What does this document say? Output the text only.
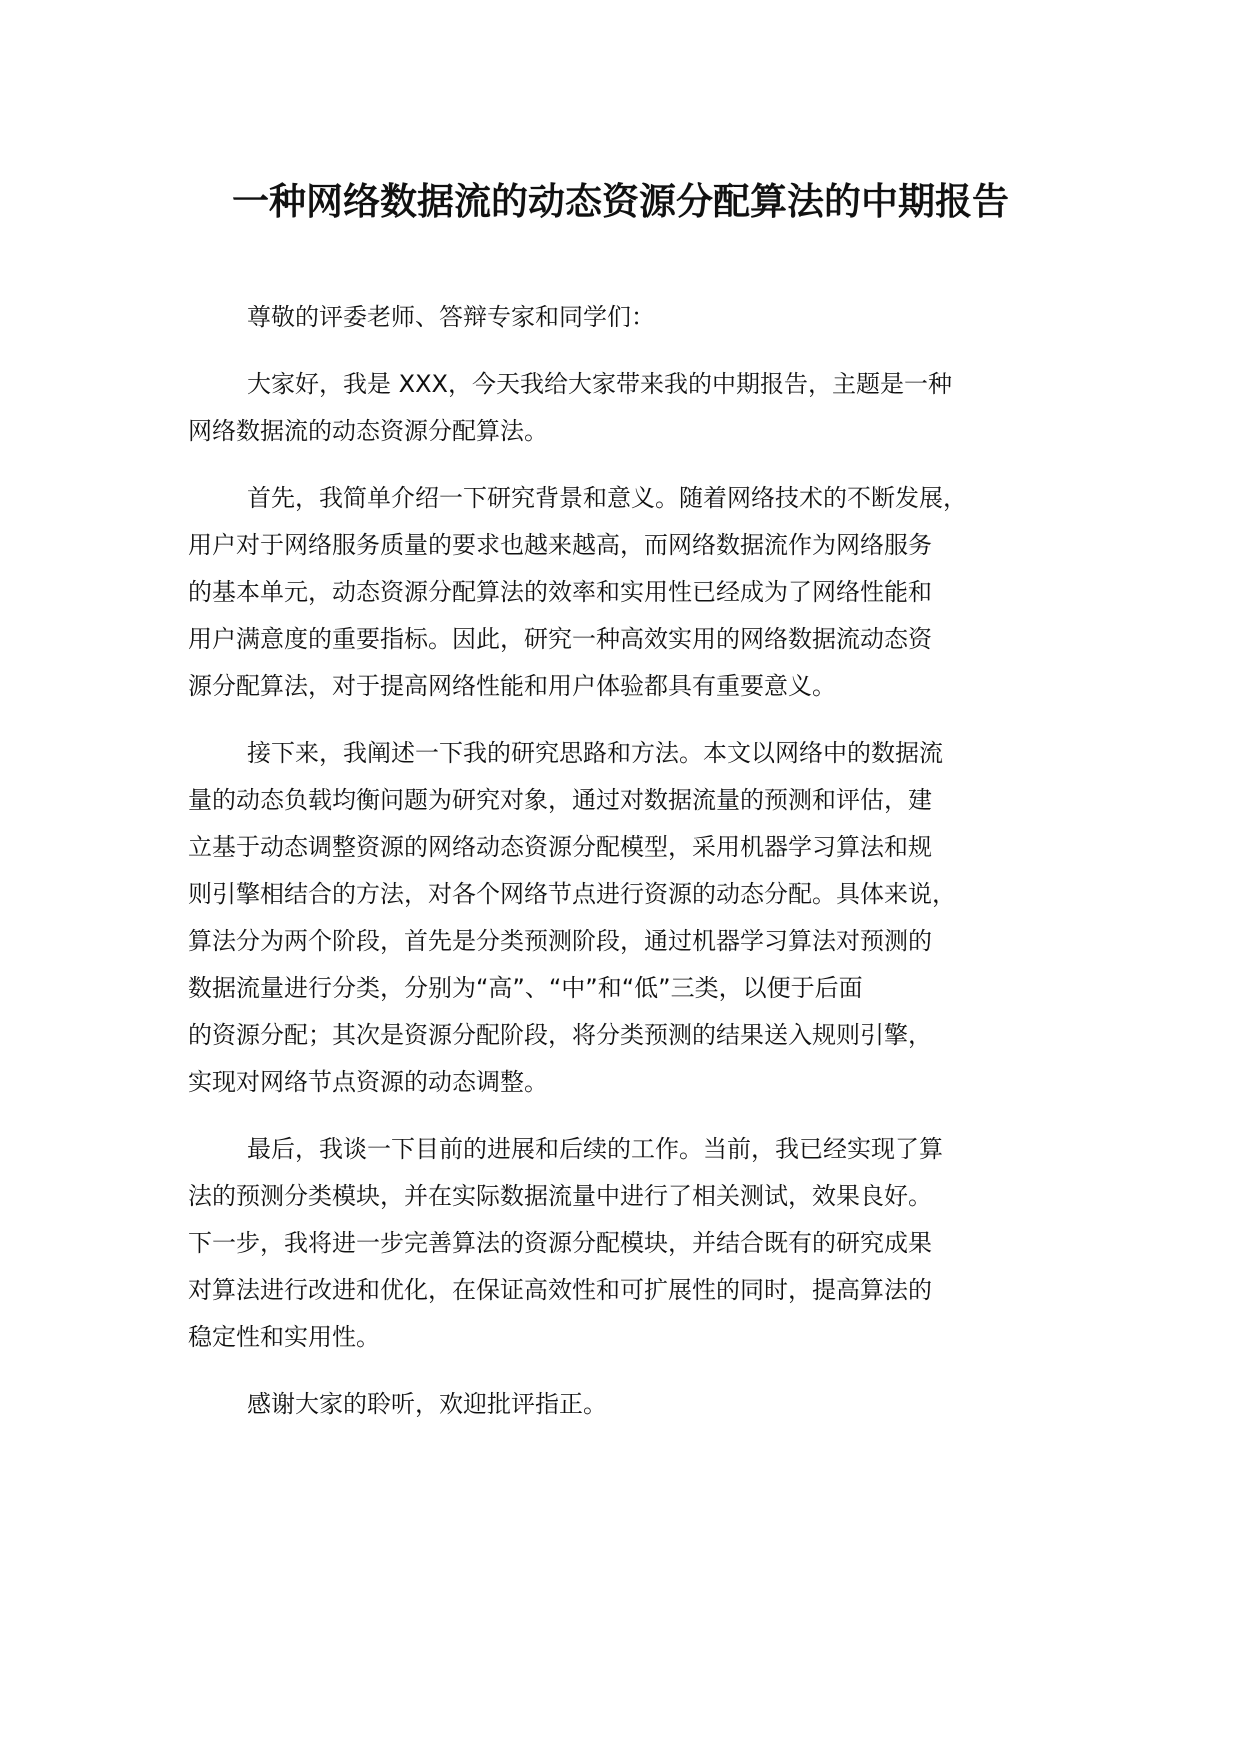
一种网络数据流的动态资源分配算法的中期报告
尊敬的评委老师、答辩专家和同学们：
大家好，我是 XXX，今天我给大家带来我的中期报告，主题是一种
网络数据流的动态资源分配算法。
首先，我简单介绍一下研究背景和意义。随着网络技术的不断发展，
用户对于网络服务质量的要求也越来越高，而网络数据流作为网络服务
的基本单元，动态资源分配算法的效率和实用性已经成为了网络性能和
用户满意度的重要指标。因此，研究一种高效实用的网络数据流动态资
源分配算法，对于提高网络性能和用户体验都具有重要意义。
接下来，我阐述一下我的研究思路和方法。本文以网络中的数据流
量的动态负载均衡问题为研究对象，通过对数据流量的预测和评估，建
立基于动态调整资源的网络动态资源分配模型，采用机器学习算法和规
则引擎相结合的方法，对各个网络节点进行资源的动态分配。具体来说，
算法分为两个阶段，首先是分类预测阶段，通过机器学习算法对预测的
数据流量进行分类，分别为“高”、“中”和“低”三类，以便于后面
的资源分配；其次是资源分配阶段，将分类预测的结果送入规则引擎，
实现对网络节点资源的动态调整。
最后，我谈一下目前的进展和后续的工作。当前，我已经实现了算
法的预测分类模块，并在实际数据流量中进行了相关测试，效果良好。
下一步，我将进一步完善算法的资源分配模块，并结合既有的研究成果
对算法进行改进和优化，在保证高效性和可扩展性的同时，提高算法的
稳定性和实用性。
感谢大家的聆听，欢迎批评指正。
